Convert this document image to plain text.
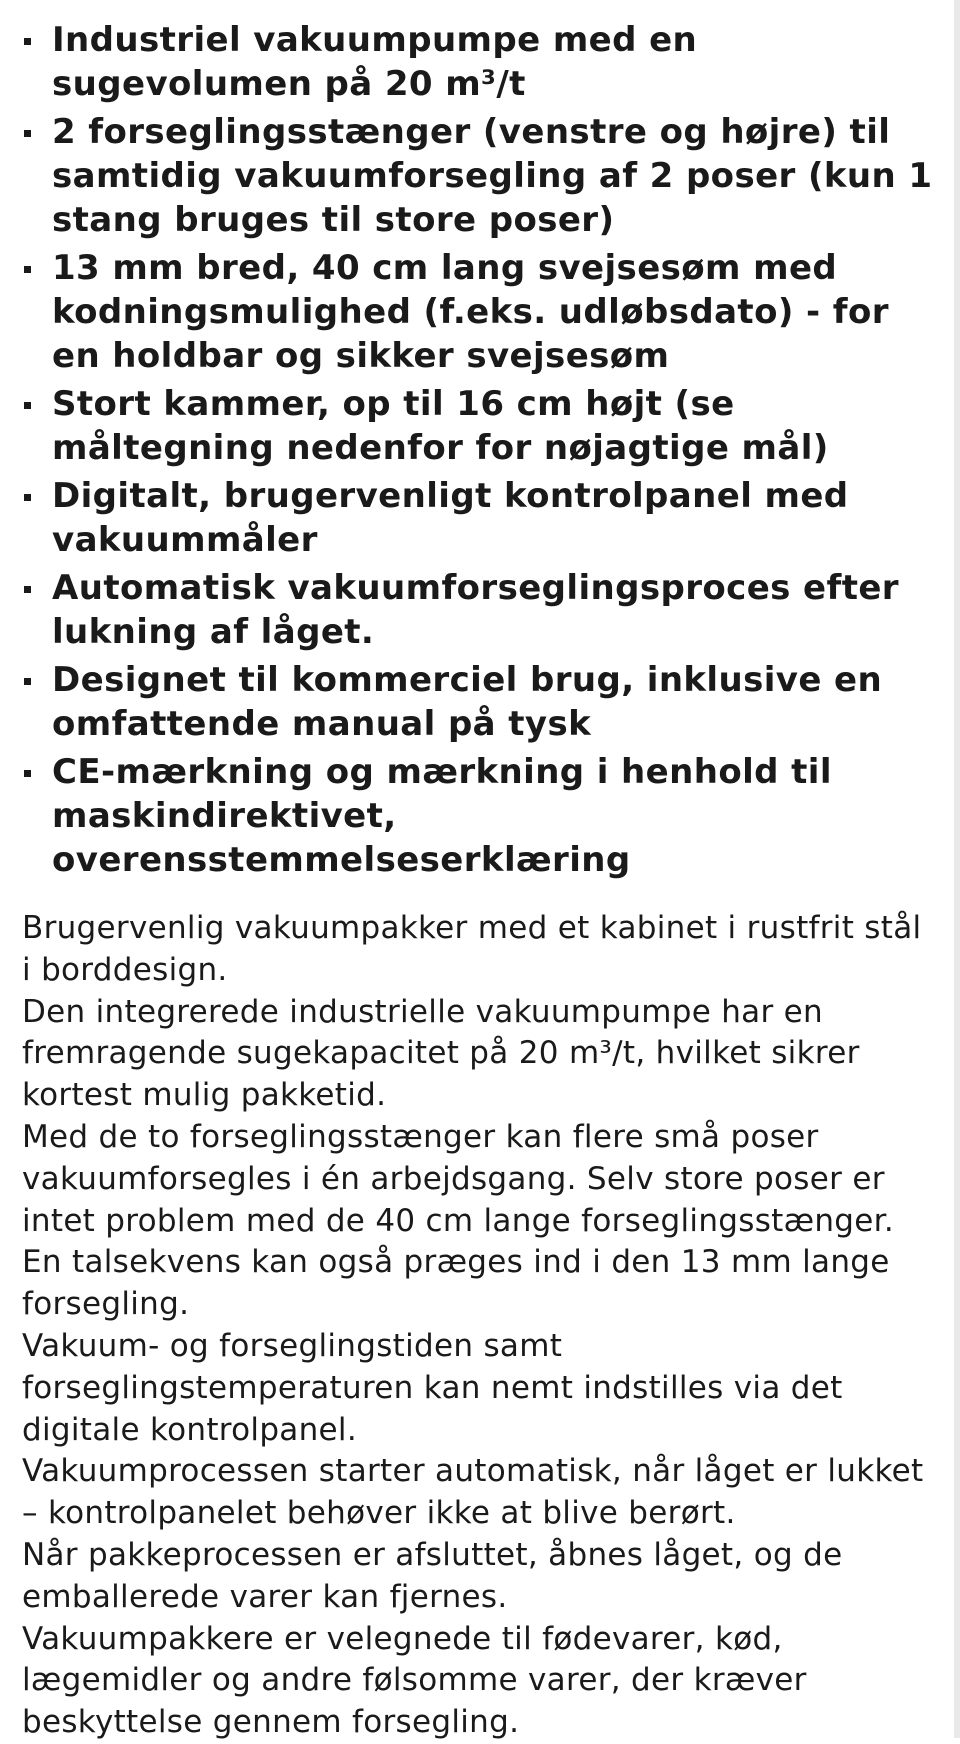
Industriel vakuumpumpe med en sugevolumen på 20 m³/t
2 forseglingsstænger (venstre og højre) til samtidig vakuumforsegling af 2 poser (kun 1 stang bruges til store poser)
13 mm bred, 40 cm lang svejsesøm med kodningsmulighed (f.eks. udløbsdato) - for en holdbar og sikker svejsesøm
Stort kammer, op til 16 cm højt (se måltegning nedenfor for nøjagtige mål)
Digitalt, brugervenligt kontrolpanel med vakuummåler
Automatisk vakuumforseglingsproces efter lukning af låget.
Designet til kommerciel brug, inklusive en omfattende manual på tysk
CE-mærkning og mærkning i henhold til maskindirektivet, overensstemmelseserklæring

Brugervenlig vakuumpakker med et kabinet i rustfrit stål i borddesign.

Den integrerede industrielle vakuumpumpe har en fremragende sugekapacitet på 20 m³/t, hvilket sikrer kortest mulig pakketid.

Med de to forseglingsstænger kan flere små poser vakuumforsegles i én arbejdsgang. Selv store poser er intet problem med de 40 cm lange forseglingsstænger. En talsekvens kan også præges ind i den 13 mm lange forsegling.

Vakuum- og forseglingstiden samt forseglingstemperaturen kan nemt indstilles via det digitale kontrolpanel.

Vakuumprocessen starter automatisk, når låget er lukket – kontrolpanelet behøver ikke at blive berørt.

Når pakkeprocessen er afsluttet, åbnes låget, og de emballerede varer kan fjernes.

Vakuumpakkere er velegnede til fødevarer, kød, lægemidler og andre følsomme varer, der kræver beskyttelse gennem forsegling.
